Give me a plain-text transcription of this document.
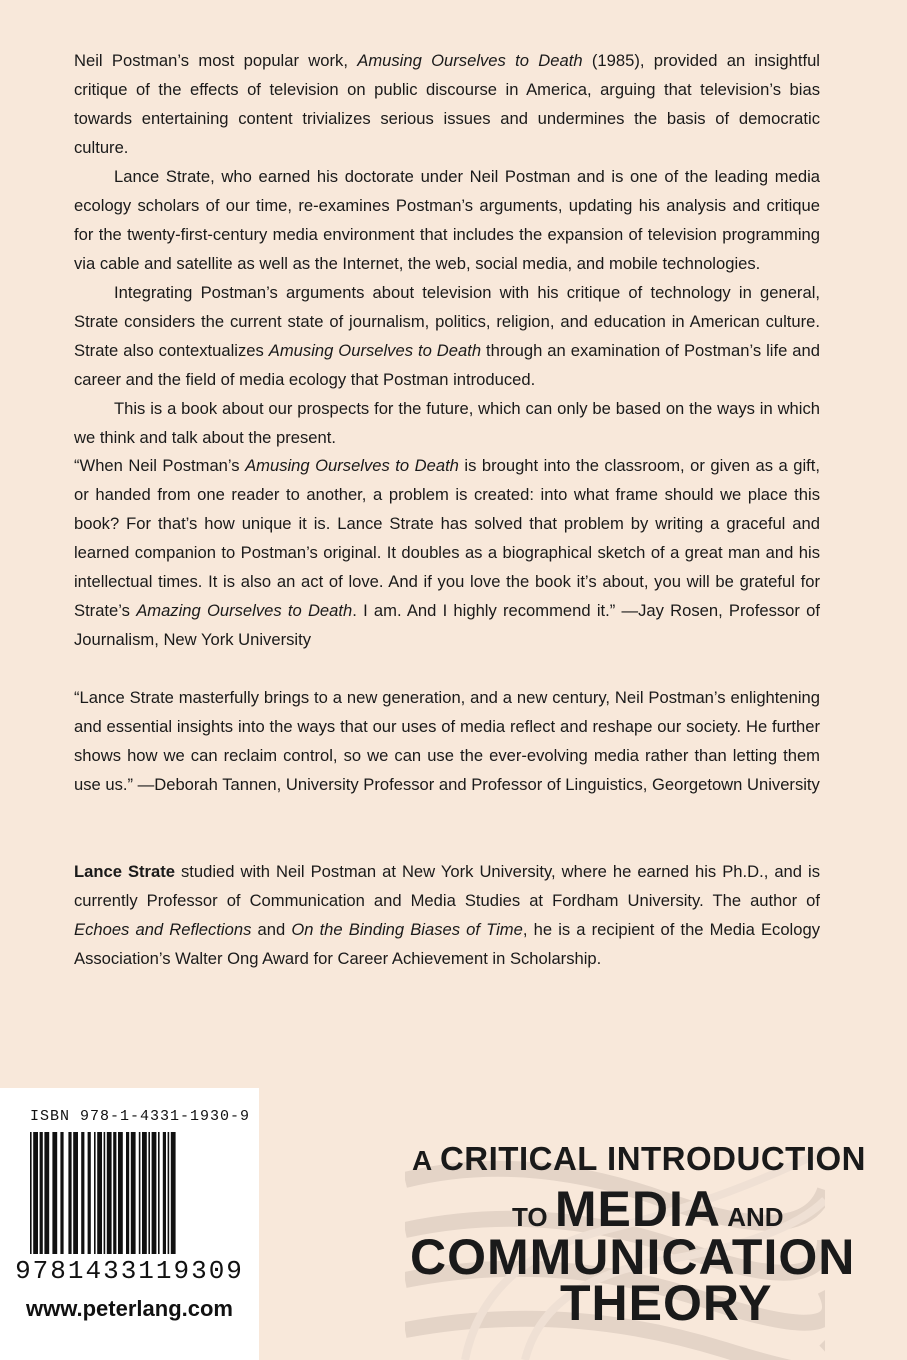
Neil Postman’s most popular work, Amusing Ourselves to Death (1985), provided an insightful critique of the effects of television on public discourse in America, arguing that television’s bias towards entertaining content trivializes serious issues and undermines the basis of democratic culture.

Lance Strate, who earned his doctorate under Neil Postman and is one of the leading media ecology scholars of our time, re-examines Postman’s arguments, updating his analysis and critique for the twenty-first-century media environment that includes the expansion of television programming via cable and satellite as well as the Internet, the web, social media, and mobile technologies.

Integrating Postman’s arguments about television with his critique of technology in general, Strate considers the current state of journalism, politics, religion, and education in American culture. Strate also contextualizes Amusing Ourselves to Death through an examination of Postman’s life and career and the field of media ecology that Postman introduced.

This is a book about our prospects for the future, which can only be based on the ways in which we think and talk about the present.

“When Neil Postman’s Amusing Ourselves to Death is brought into the classroom, or given as a gift, or handed from one reader to another, a problem is created: into what frame should we place this book? For that’s how unique it is. Lance Strate has solved that problem by writing a graceful and learned companion to Postman’s original. It doubles as a biographical sketch of a great man and his intellectual times. It is also an act of love. And if you love the book it’s about, you will be grateful for Strate’s Amazing Ourselves to Death. I am. And I highly recommend it.” —Jay Rosen, Professor of Journalism, New York University

“Lance Strate masterfully brings to a new generation, and a new century, Neil Postman’s enlightening and essential insights into the ways that our uses of media reflect and reshape our society. He further shows how we can reclaim control, so we can use the ever-evolving media rather than letting them use us.” —Deborah Tannen, University Professor and Professor of Linguistics, Georgetown University

Lance Strate studied with Neil Postman at New York University, where he earned his Ph.D., and is currently Professor of Communication and Media Studies at Fordham University. The author of Echoes and Reflections and On the Binding Biases of Time, he is a recipient of the Media Ecology Association’s Walter Ong Award for Career Achievement in Scholarship.

ISBN 978-1-4331-1930-9
9781433119309
www.peterlang.com
A CRITICAL INTRODUCTION
TO MEDIA AND
COMMUNICATION
THEORY
